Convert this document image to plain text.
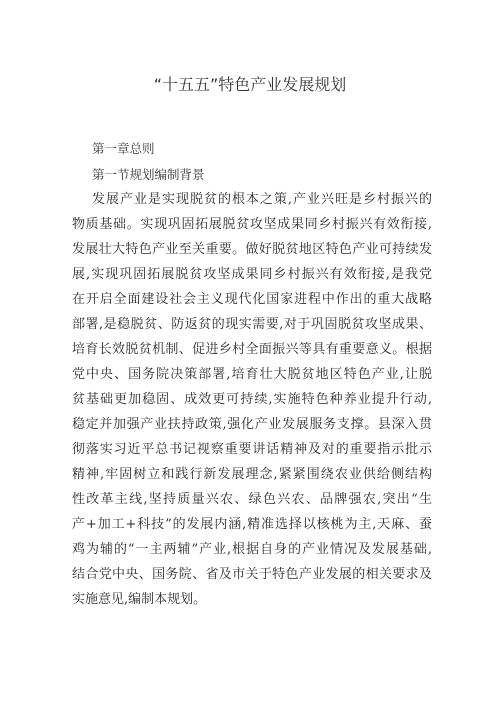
“十五五”特色产业发展规划
第一章总则
第一节规划编制背景
发展产业是实现脱贫的根本之策,产业兴旺是乡村振兴的
物质基础。实现巩固拓展脱贫攻坚成果同乡村振兴有效衔接,
发展壮大特色产业至关重要。做好脱贫地区特色产业可持续发
展,实现巩固拓展脱贫攻坚成果同乡村振兴有效衔接,是我党
在开启全面建设社会主义现代化国家进程中作出的重大战略
部署,是稳脱贫、防返贫的现实需要,对于巩固脱贫攻坚成果、
培育长效脱贫机制、促进乡村全面振兴等具有重要意义。根据
党中央、国务院决策部署,培育壮大脱贫地区特色产业,让脱
贫基础更加稳固、成效更可持续,实施特色种养业提升行动,
稳定并加强产业扶持政策,强化产业发展服务支撑。县深入贯
彻落实习近平总书记视察重要讲话精神及对的重要指示批示
精神,牢固树立和践行新发展理念,紧紧围绕农业供给侧结构
性改革主线,坚持质量兴农、绿色兴农、品牌强农,突出“生
产+加工+科技”的发展内涵,精准选择以核桃为主,天麻、蚕
鸡为辅的“一主两辅”产业,根据自身的产业情况及发展基础,
结合党中央、国务院、省及市关于特色产业发展的相关要求及
实施意见,编制本规划。
